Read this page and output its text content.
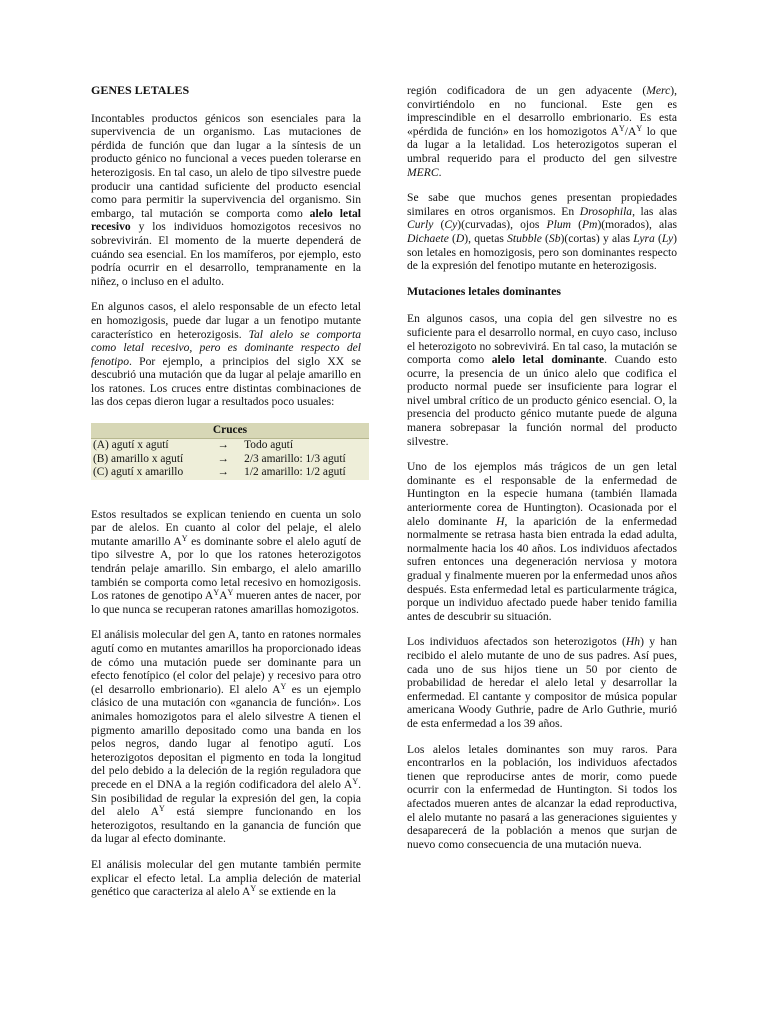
GENES LETALES

Incontables productos génicos son esenciales para la supervivencia de un organismo. Las mutaciones de pérdida de función que dan lugar a la síntesis de un producto génico no funcional a veces pueden tolerarse en heterozigosis. En tal caso, un alelo de tipo silvestre puede producir una cantidad suficiente del producto esencial como para permitir la supervivencia del organismo. Sin embargo, tal mutación se comporta como alelo letal recesivo y los individuos homozigotos recesivos no sobrevivirán. El momento de la muerte dependerá de cuándo sea esencial. En los mamíferos, por ejemplo, esto podría ocurrir en el desarrollo, tempranamente en la niñez, o incluso en el adulto.

En algunos casos, el alelo responsable de un efecto letal en homozigosis, puede dar lugar a un fenotipo mutante característico en heterozigosis. Tal alelo se comporta como letal recesivo, pero es dominante respecto del fenotipo. Por ejemplo, a principios del siglo XX se descubrió una mutación que da lugar al pelaje amarillo en los ratones. Los cruces entre distintas combinaciones de las dos cepas dieron lugar a resultados poco usuales:

Cruces		
(A) agutí x agutí	→	Todo agutí
(B) amarillo x agutí	→	2/3 amarillo: 1/3 agutí
(C) agutí x amarillo	→	1/2 amarillo: 1/2 agutí

Estos resultados se explican teniendo en cuenta un solo par de alelos. En cuanto al color del pelaje, el alelo mutante amarillo $A^Y$ es dominante sobre el alelo agutí de tipo silvestre A, por lo que los ratones heterozigotos tendrán pelaje amarillo. Sin embargo, el alelo amarillo también se comporta como letal recesivo en homozigosis. Los ratones de genotipo $A^YA^Y$ mueren antes de nacer, por lo que nunca se recuperan ratones amarillas homozigotos.

El análisis molecular del gen A, tanto en ratones normales agutí como en mutantes amarillos ha proporcionado ideas de cómo una mutación puede ser dominante para un efecto fenotípico (el color del pelaje) y recesivo para otro (el desarrollo embrionario). El alelo $A^Y$ es un ejemplo clásico de una mutación con «ganancia de función». Los animales homozigotos para el alelo silvestre A tienen el pigmento amarillo depositado como una banda en los pelos negros, dando lugar al fenotipo agutí. Los heterozigotos depositan el pigmento en toda la longitud del pelo debido a la deleción de la región reguladora que precede en el DNA a la región codificadora del alelo $A^Y$. Sin posibilidad de regular la expresión del gen, la copia del alelo $A^Y$ está siempre funcionando en los heterozigotos, resultando en la ganancia de función que da lugar al efecto dominante.

El análisis molecular del gen mutante también permite explicar el efecto letal. La amplia deleción de material genético que caracteriza al alelo $A^Y$ se extiende en la

región codificadora de un gen adyacente (Merc), convirtiéndolo en no funcional. Este gen es imprescindible en el desarrollo embrionario. Es esta «pérdida de función» en los homozigotos $A^Y/A^Y$ lo que da lugar a la letalidad. Los heterozigotos superan el umbral requerido para el producto del gen silvestre MERC.

Se sabe que muchos genes presentan propiedades similares en otros organismos. En Drosophila, las alas Curly (Cy)(curvadas), ojos Plum (Pm)(morados), alas Dichaete (D), quetas Stubble (Sb)(cortas) y alas Lyra (Ly) son letales en homozigosis, pero son dominantes respecto de la expresión del fenotipo mutante en heterozigosis.

Mutaciones letales dominantes

En algunos casos, una copia del gen silvestre no es suficiente para el desarrollo normal, en cuyo caso, incluso el heterozigoto no sobrevivirá. En tal caso, la mutación se comporta como alelo letal dominante. Cuando esto ocurre, la presencia de un único alelo que codifica el producto normal puede ser insuficiente para lograr el nivel umbral crítico de un producto génico esencial. O, la presencia del producto génico mutante puede de alguna manera sobrepasar la función normal del producto silvestre.

Uno de los ejemplos más trágicos de un gen letal dominante es el responsable de la enfermedad de Huntington en la especie humana (también llamada anteriormente corea de Huntington). Ocasionada por el alelo dominante H, la aparición de la enfermedad normalmente se retrasa hasta bien entrada la edad adulta, normalmente hacia los 40 años. Los individuos afectados sufren entonces una degeneración nerviosa y motora gradual y finalmente mueren por la enfermedad unos años después. Esta enfermedad letal es particularmente trágica, porque un individuo afectado puede haber tenido familia antes de descubrir su situación.

Los individuos afectados son heterozigotos (Hh) y han recibido el alelo mutante de uno de sus padres. Así pues, cada uno de sus hijos tiene un 50 por ciento de probabilidad de heredar el alelo letal y desarrollar la enfermedad. El cantante y compositor de música popular americana Woody Guthrie, padre de Arlo Guthrie, murió de esta enfermedad a los 39 años.

Los alelos letales dominantes son muy raros. Para encontrarlos en la población, los individuos afectados tienen que reproducirse antes de morir, como puede ocurrir con la enfermedad de Huntington. Si todos los afectados mueren antes de alcanzar la edad reproductiva, el alelo mutante no pasará a las generaciones siguientes y desaparecerá de la población a menos que surjan de nuevo como consecuencia de una mutación nueva.
